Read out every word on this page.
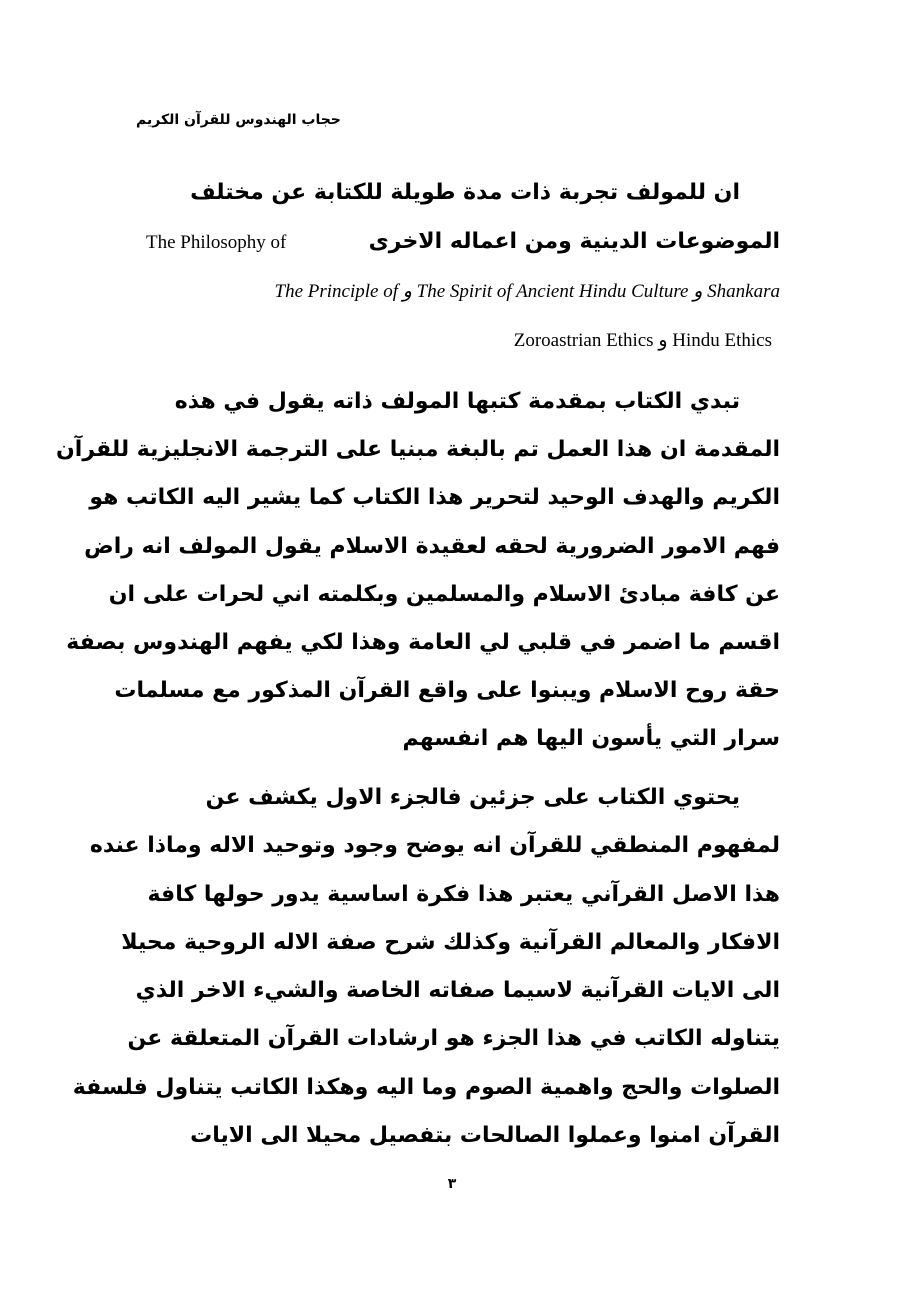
حجاب الهندوس للقرآن الكريم
ان للمولف تجربة ذات مدة طويلة للكتابة عن مختلف
The Philosophy of	الموضوعات الدينية ومن اعماله الاخرى
The Principle of و The Spirit of Ancient Hindu Culture و Shankara
Zoroastrian Ethics و Hindu Ethics
تبدي الكتاب بمقدمة كتبها المولف ذاته يقول في هذه
المقدمة ان هذا العمل تم بالبغة مبنيا على الترجمة الانجليزية للقرآن
الكريم والهدف الوحيد لتحرير هذا الكتاب كما يشير اليه الكاتب هو
فهم الامور الضرورية لحقه لعقيدة الاسلام يقول المولف انه راض
عن كافة مبادئ الاسلام والمسلمين وبكلمته اني لحرات على ان
اقسم ما اضمر في قلبي لي العامة وهذا لكي يفهم الهندوس بصفة
حقة روح الاسلام ويبنوا على واقع القرآن المذكور مع مسلمات
سرار التي يأسون اليها هم انفسهم
يحتوي الكتاب على جزئين فالجزء الاول يكشف عن
لمفهوم المنطقي للقرآن انه يوضح وجود وتوحيد الاله وماذا عنده
هذا الاصل القرآني يعتبر هذا فكرة اساسية يدور حولها كافة
الافكار والمعالم القرآنية وكذلك شرح صفة الاله الروحية محيلا
الى الايات القرآنية لاسيما صفاته الخاصة والشيء الاخر الذي
يتناوله الكاتب في هذا الجزء هو ارشادات القرآن المتعلقة عن
الصلوات والحج واهمية الصوم وما اليه وهكذا الكاتب يتناول فلسفة
القرآن امنوا وعملوا الصالحات بتفصيل محيلا الى الايات
٣
